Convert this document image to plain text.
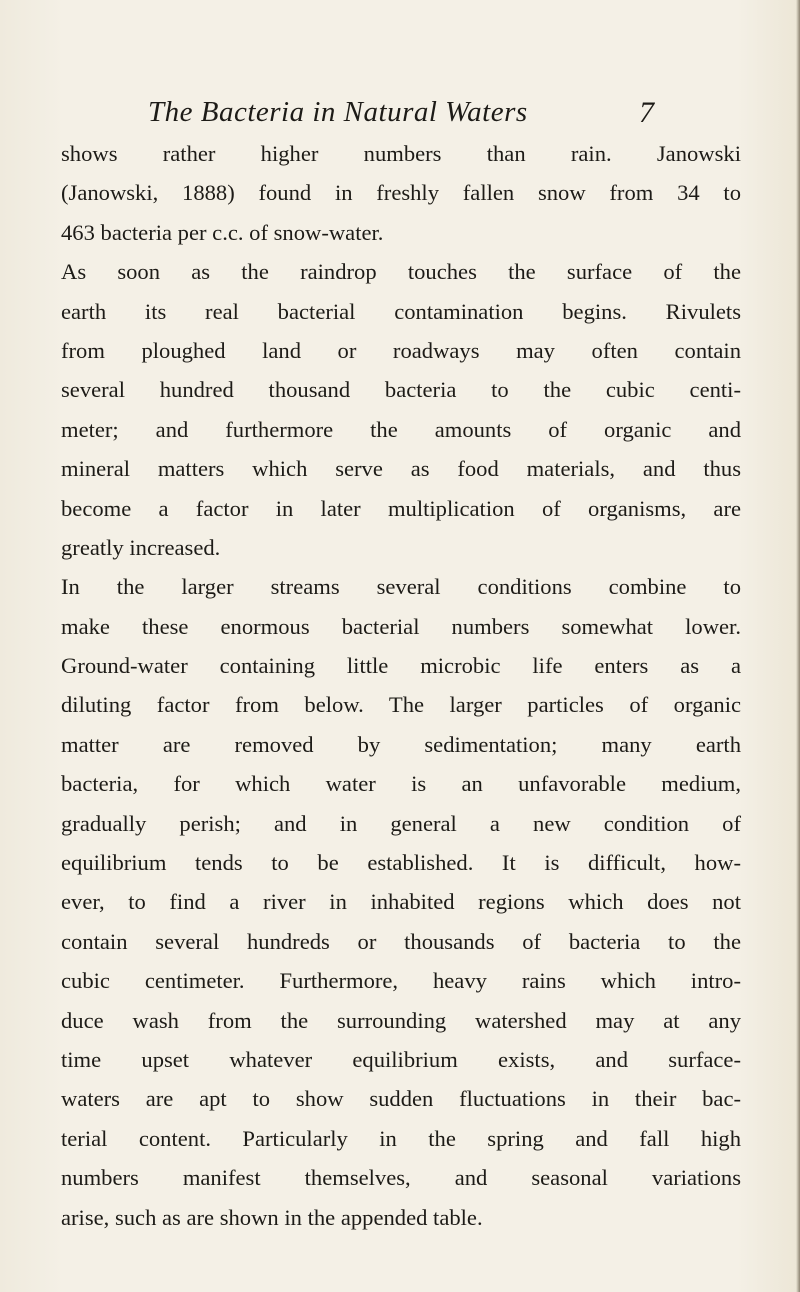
The Bacteria in Natural Waters	7
shows rather higher numbers than rain. Janowski
(Janowski, 1888) found in freshly fallen snow from 34 to
463 bacteria per c.c. of snow-water.
As soon as the raindrop touches the surface of the
earth its real bacterial contamination begins. Rivulets
from ploughed land or roadways may often contain
several hundred thousand bacteria to the cubic centi-
meter; and furthermore the amounts of organic and
mineral matters which serve as food materials, and thus
become a factor in later multiplication of organisms, are
greatly increased.
In the larger streams several conditions combine to
make these enormous bacterial numbers somewhat lower.
Ground-water containing little microbic life enters as a
diluting factor from below. The larger particles of organic
matter are removed by sedimentation; many earth
bacteria, for which water is an unfavorable medium,
gradually perish; and in general a new condition of
equilibrium tends to be established. It is difficult, how-
ever, to find a river in inhabited regions which does not
contain several hundreds or thousands of bacteria to the
cubic centimeter. Furthermore, heavy rains which intro-
duce wash from the surrounding watershed may at any
time upset whatever equilibrium exists, and surface-
waters are apt to show sudden fluctuations in their bac-
terial content. Particularly in the spring and fall high
numbers manifest themselves, and seasonal variations
arise, such as are shown in the appended table.
